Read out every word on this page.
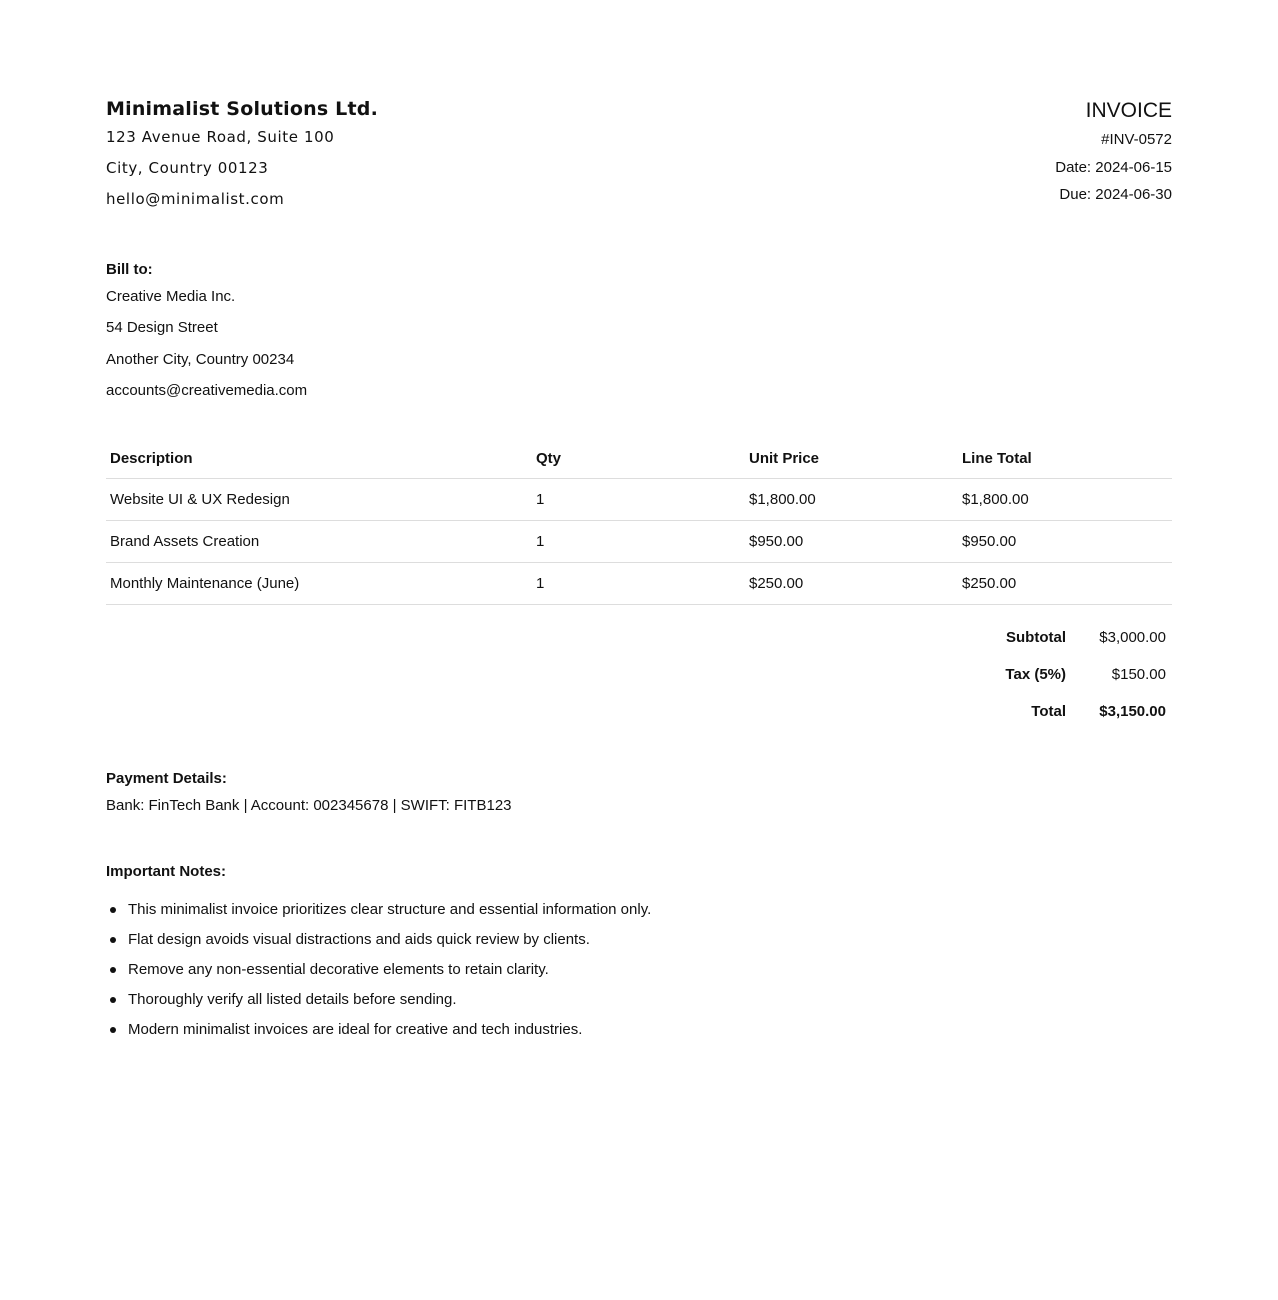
Minimalist Solutions Ltd.
123 Avenue Road, Suite 100
City, Country 00123
hello@minimalist.com
INVOICE
#INV-0572
Date: 2024-06-15
Due: 2024-06-30
Bill to:
Creative Media Inc.
54 Design Street
Another City, Country 00234
accounts@creativemedia.com
Description	Qty	Unit Price	Line Total
Website UI & UX Redesign	1	$1,800.00	$1,800.00
Brand Assets Creation	1	$950.00	$950.00
Monthly Maintenance (June)	1	$250.00	$250.00
Subtotal	$3,000.00
Tax (5%)	$150.00
Total	$3,150.00
Payment Details:
Bank: FinTech Bank | Account: 002345678 | SWIFT: FITB123
Important Notes:
This minimalist invoice prioritizes clear structure and essential information only.
Flat design avoids visual distractions and aids quick review by clients.
Remove any non-essential decorative elements to retain clarity.
Thoroughly verify all listed details before sending.
Modern minimalist invoices are ideal for creative and tech industries.
